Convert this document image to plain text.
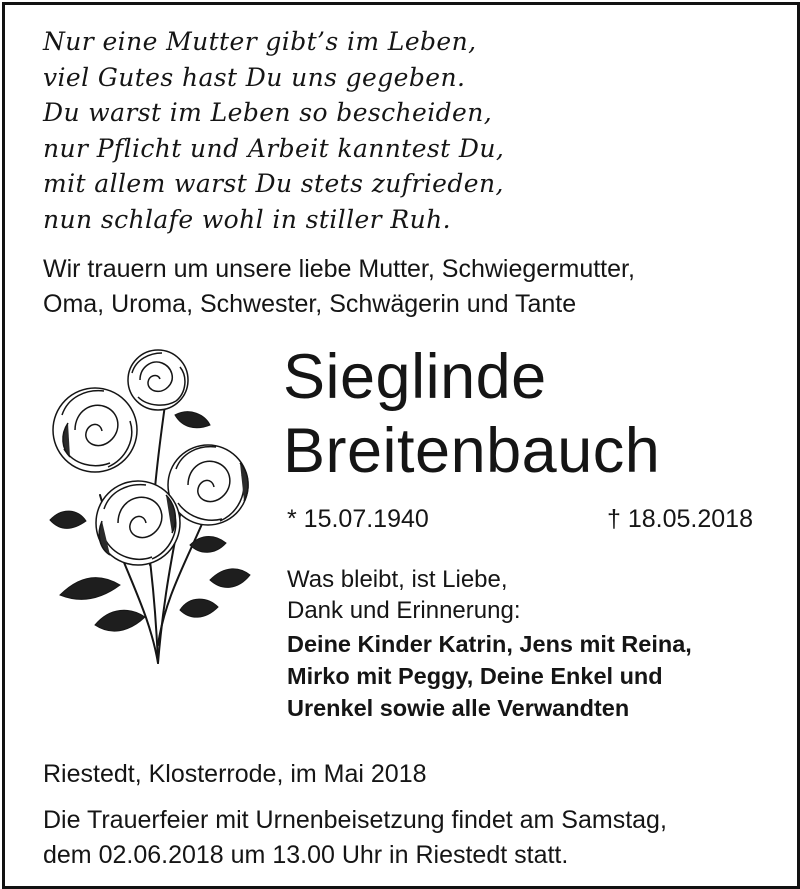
Nur eine Mutter gibt’s im Leben,
viel Gutes hast Du uns gegeben.
Du warst im Leben so bescheiden,
nur Pflicht und Arbeit kanntest Du,
mit allem warst Du stets zufrieden,
nun schlafe wohl in stiller Ruh.
Wir trauern um unsere liebe Mutter, Schwiegermutter,
Oma, Uroma, Schwester, Schwägerin und Tante
Sieglinde
Breitenbauch
* 15.07.1940	† 18.05.2018
Was bleibt, ist Liebe,
Dank und Erinnerung:
Deine Kinder Katrin, Jens mit Reina,
Mirko mit Peggy, Deine Enkel und
Urenkel sowie alle Verwandten
Riestedt, Klosterrode, im Mai 2018
Die Trauerfeier mit Urnenbeisetzung findet am Samstag,
dem 02.06.2018 um 13.00 Uhr in Riestedt statt.
